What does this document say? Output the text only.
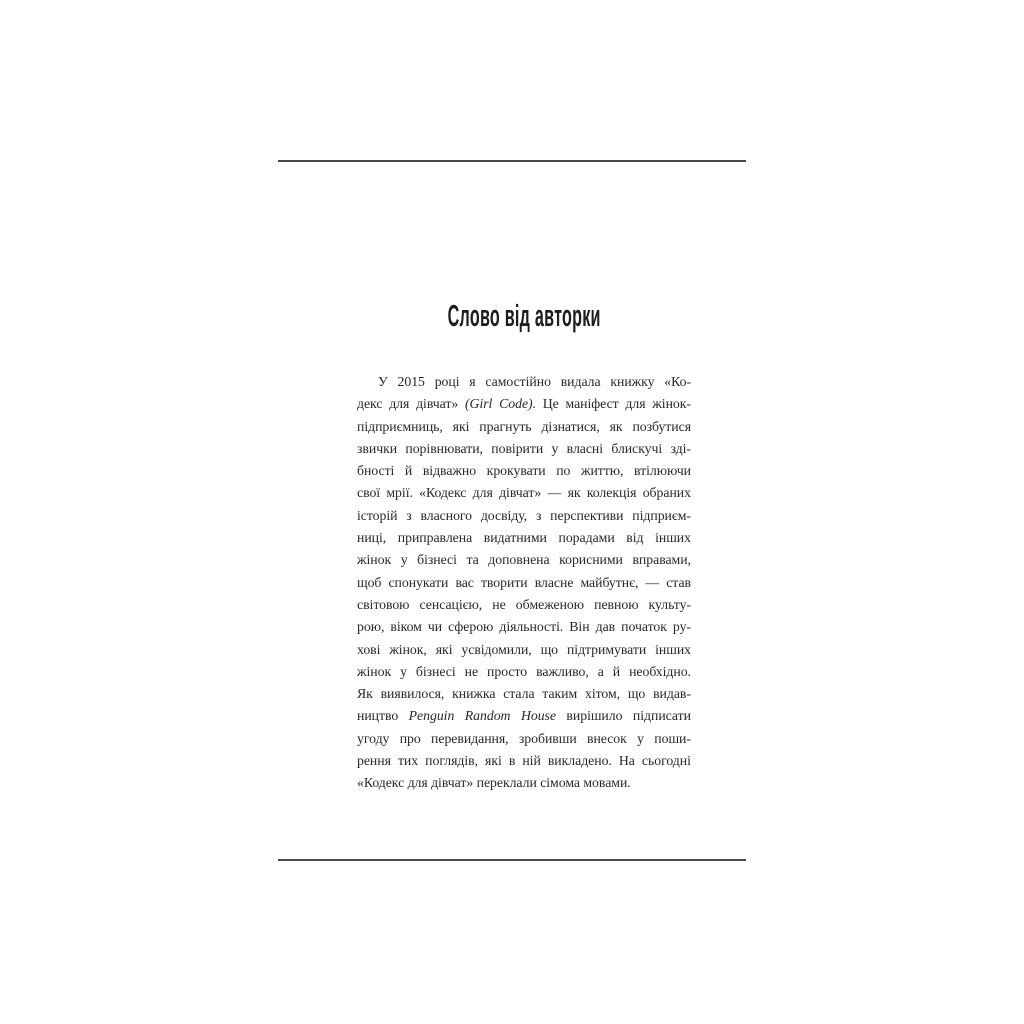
Слово від авторки
У 2015 році я самостійно видала книжку «Ко-
декс для дівчат» (Girl Code). Це маніфест для жінок-
підприємниць, які прагнуть дізнатися, як позбутися
звички порівнювати, повірити у власні блискучі зді-
бності й відважно крокувати по життю, втілюючи
свої мрії. «Кодекс для дівчат» — як колекція обраних
історій з власного досвіду, з перспективи підприєм-
ниці, приправлена видатними порадами від інших
жінок у бізнесі та доповнена корисними вправами,
щоб спонукати вас творити власне майбутнє, — став
світовою сенсацією, не обмеженою певною культу-
рою, віком чи сферою діяльності. Він дав початок ру-
хові жінок, які усвідомили, що підтримувати інших
жінок у бізнесі не просто важливо, а й необхідно.
Як виявилося, книжка стала таким хітом, що видав-
ництво Penguin Random House вирішило підписати
угоду про перевидання, зробивши внесок у поши-
рення тих поглядів, які в ній викладено. На сьогодні
«Кодекс для дівчат» переклали сімома мовами.
